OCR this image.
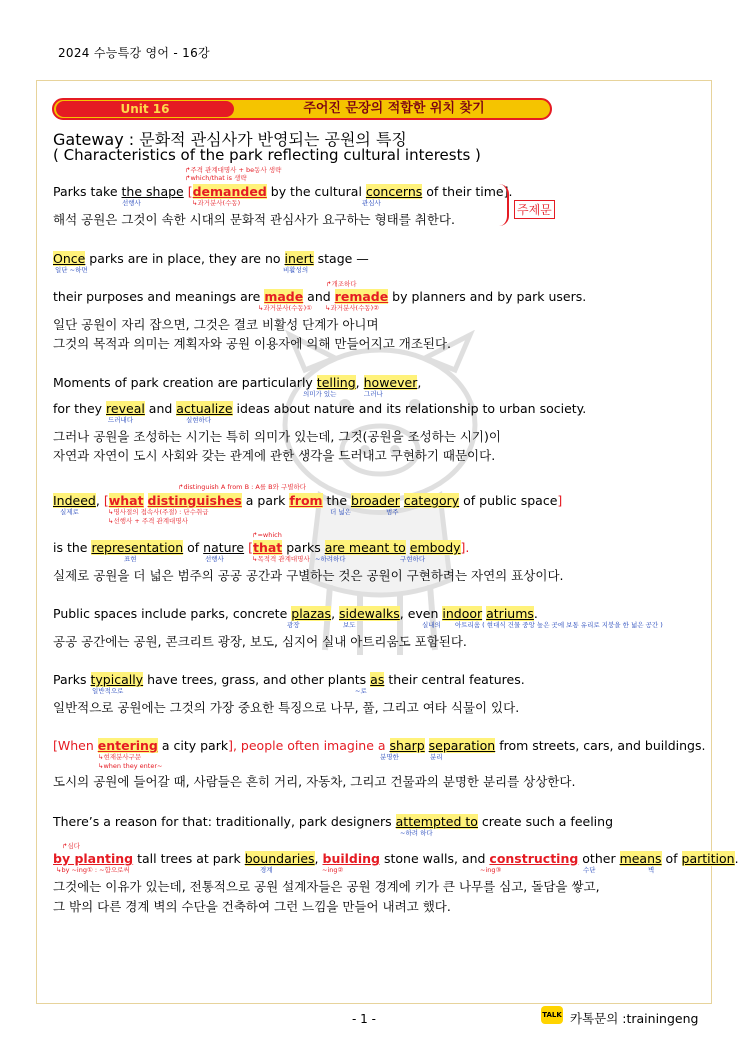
2024 수능특강 영어 - 16강
Unit 16	주어진 문장의 적합한 위치 찾기
Gateway : 문화적 관심사가 반영되는 공원의 특징
( Characteristics of the park reflecting cultural interests )
↱주격 관계대명사 + be동사 생략
↱which/that is 생략
Parks take the shape [demanded by the cultural concerns of their time].
선행사	↳과거분사(수동)	관심사
해석 공원은 그것이 속한 시대의 문화적 관심사가 요구하는 형태를 취한다.
주제문
Once parks are in place, they are no inert stage —
일단 ~하면	비활성의
↱개조하다
their purposes and meanings are made and remade by planners and by park users.
↳과거분사(수동)① ↳과거분사(수동)②
일단 공원이 자리 잡으면, 그것은 결코 비활성 단계가 아니며
그것의 목적과 의미는 계획자와 공원 이용자에 의해 만들어지고 개조된다.
Moments of park creation are particularly telling, however,
의미가 있는	그러나
for they reveal and actualize ideas about nature and its relationship to urban society.
드러내다	실현하다
그러나 공원을 조성하는 시기는 특히 의미가 있는데, 그것(공원을 조성하는 시기)이
자연과 자연이 도시 사회와 갖는 관계에 관한 생각을 드러내고 구현하기 때문이다.
↱distinguish A from B : A를 B와 구별하다
Indeed, [what distinguishes a park from the broader category of public space]
실제로	↳명사절의 접속사(주절) : 단수취급
↳선행사 + 주격 관계대명사
더 넓은	범주
↱=which
is the representation of nature [that parks are meant to embody].
표현	선행사	↳목적격 관계대명사 ~하려하다	구현하다
실제로 공원을 더 넓은 범주의 공공 공간과 구별하는 것은 공원이 구현하려는 자연의 표상이다.
Public spaces include parks, concrete plazas, sidewalks, even indoor atriums.
광장	보도	실내의 아트리움 ( 현대식 건물 중앙 높은 곳에 보통 유리로 지붕을 한 넓은 공간 )
공공 공간에는 공원, 콘크리트 광장, 보도, 심지어 실내 아트리움도 포함된다.
Parks typically have trees, grass, and other plants as their central features.
일반적으로	~로
일반적으로 공원에는 그것의 가장 중요한 특징으로 나무, 풀, 그리고 여타 식물이 있다.
[When entering a city park], people often imagine a sharp separation from streets, cars, and buildings.
↳현재분사구문
↳when they enter~
분명한	분리
도시의 공원에 들어갈 때, 사람들은 흔히 거리, 자동차, 그리고 건물과의 분명한 분리를 상상한다.
There’s a reason for that: traditionally, park designers attempted to create such a feeling
~하려 하다
↱심다
by planting tall trees at park boundaries, building stone walls, and constructing other means of partition.
↳by ~ing① : ~함으로써	경계	~ing②	~ing③	수단	벽
그것에는 이유가 있는데, 전통적으로 공원 설계자들은 공원 경계에 키가 큰 나무를 심고, 돌담을 쌓고,
그 밖의 다른 경계 벽의 수단을 건축하여 그런 느낌을 만들어 내려고 했다.
- 1 -	TALK 카톡문의 :trainingeng
